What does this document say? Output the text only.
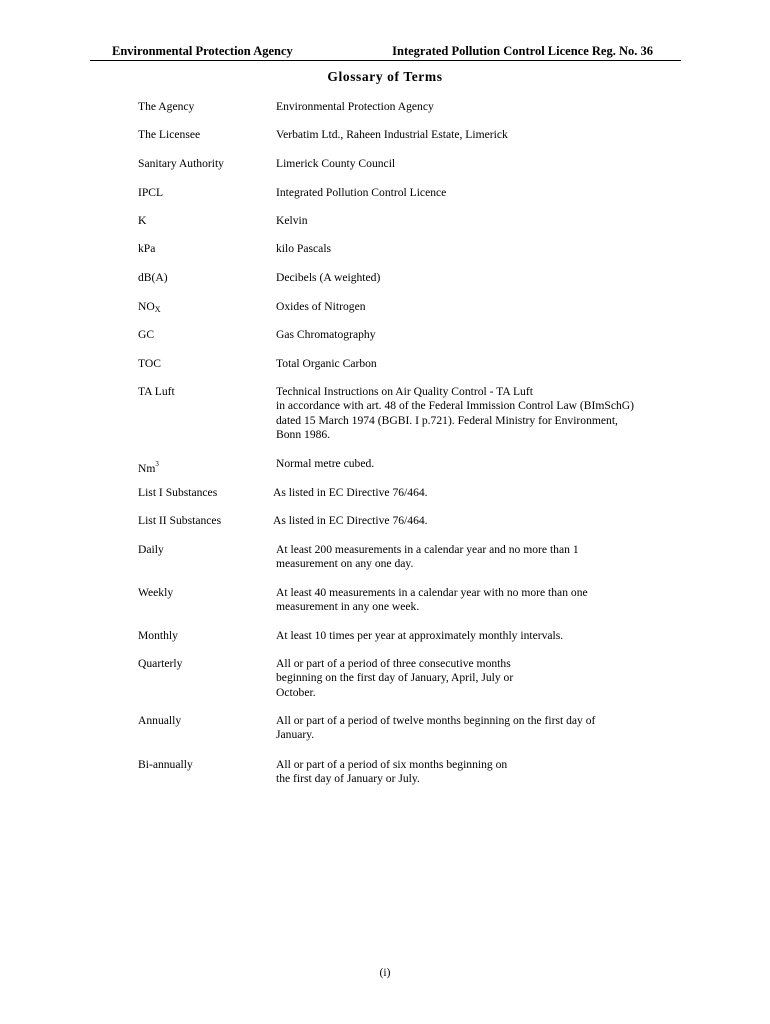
Environmental Protection Agency	Integrated Pollution Control Licence Reg. No. 36
Glossary of Terms
The Agency	Environmental Protection Agency
The Licensee	Verbatim Ltd., Raheen Industrial Estate, Limerick
Sanitary Authority	Limerick County Council
IPCL	Integrated Pollution Control Licence
K	Kelvin
kPa	kilo Pascals
dB(A)	Decibels (A weighted)
$NO_X$	Oxides of Nitrogen
GC	Gas Chromatography
TOC	Total Organic Carbon
TA Luft	Technical Instructions on Air Quality Control - TA Luft
in accordance with art. 48 of the Federal Immission Control Law (BImSchG)
dated 15 March 1974 (BGBI. I p.721). Federal Ministry for Environment,
Bonn 1986.
Nm$^3$	Normal metre cubed.
List I Substances	As listed in EC Directive 76/464.
List II Substances	As listed in EC Directive 76/464.
Daily	At least 200 measurements in a calendar year and no more than 1
measurement on any one day.
Weekly	At least 40 measurements in a calendar year with no more than one
measurement in any one week.
Monthly	At least 10 times per year at approximately monthly intervals.
Quarterly	All or part of a period of three consecutive months
beginning on the first day of January, April, July or
October.
Annually	All or part of a period of twelve months beginning on the first day of
January.
Bi-annually	All or part of a period of six months beginning on
the first day of January or July.
(i)
